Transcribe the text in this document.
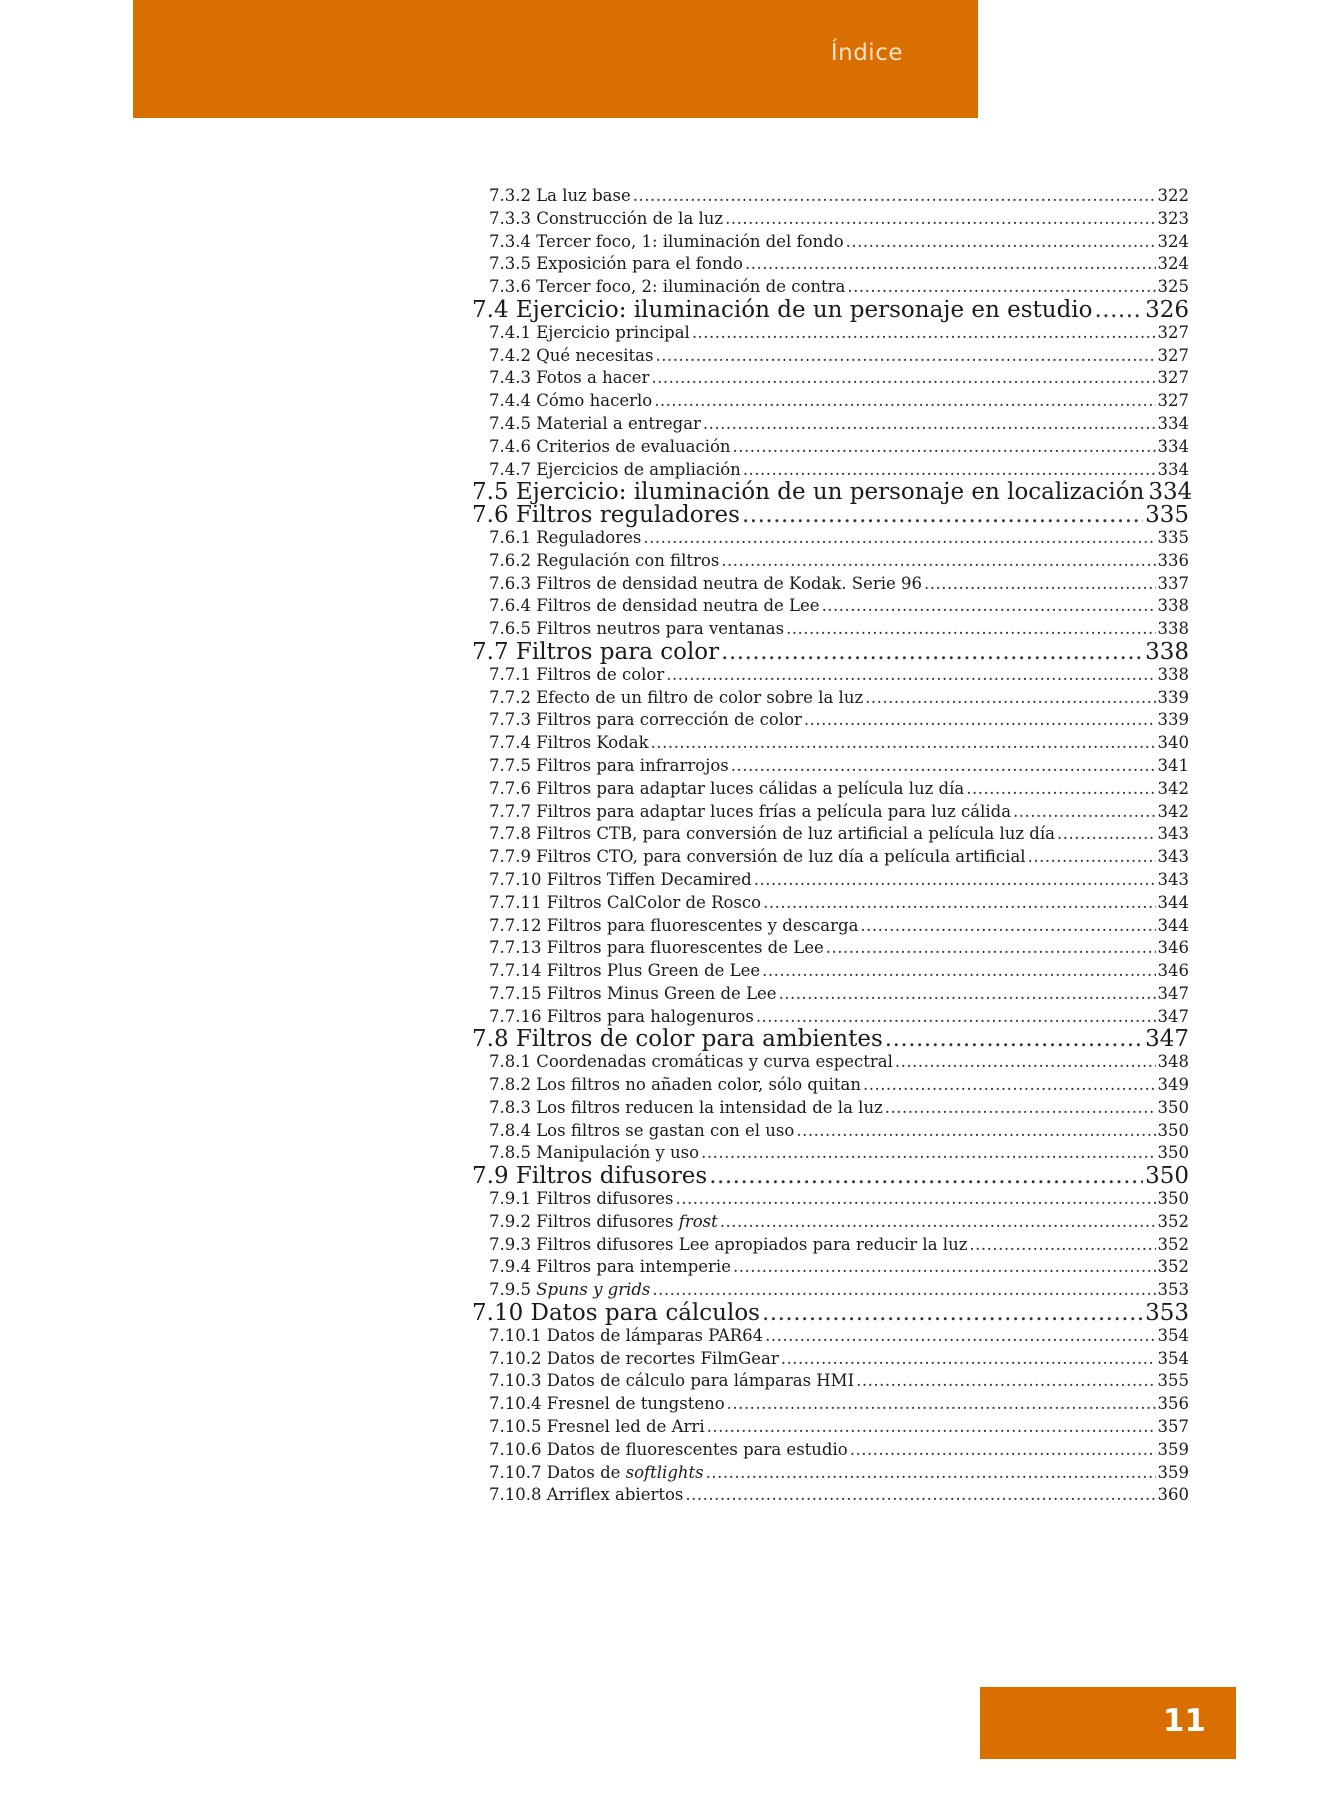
Índice
7.3.2 La luz base .....	322
7.3.3 Construcción de la luz .....	323
7.3.4 Tercer foco, 1: iluminación del fondo .....	324
7.3.5 Exposición para el fondo .....	324
7.3.6 Tercer foco, 2: iluminación de contra .....	325
7.4 Ejercicio: iluminación de un personaje en estudio ..... 326
7.4.1 Ejercicio principal .....	327
7.4.2 Qué necesitas .....	327
7.4.3 Fotos a hacer .....	327
7.4.4 Cómo hacerlo .....	327
7.4.5 Material a entregar .....	334
7.4.6 Criterios de evaluación .....	334
7.4.7 Ejercicios de ampliación .....	334
7.5 Ejercicio: iluminación de un personaje en localización 334
7.6 Filtros reguladores .....	335
7.6.1 Reguladores .....	335
7.6.2 Regulación con filtros .....	336
7.6.3 Filtros de densidad neutra de Kodak. Serie 96 .....	337
7.6.4 Filtros de densidad neutra de Lee .....	338
7.6.5 Filtros neutros para ventanas .....	338
7.7 Filtros para color .....	338
7.7.1 Filtros de color .....	338
7.7.2 Efecto de un filtro de color sobre la luz .....	339
7.7.3 Filtros para corrección de color .....	339
7.7.4 Filtros Kodak .....	340
7.7.5 Filtros para infrarrojos .....	341
7.7.6 Filtros para adaptar luces cálidas a película luz día .....	342
7.7.7 Filtros para adaptar luces frías a película para luz cálida .....	342
7.7.8 Filtros CTB, para conversión de luz artificial a película luz día .....	343
7.7.9 Filtros CTO, para conversión de luz día a película artificial .....	343
7.7.10 Filtros Tiffen Decamired .....	343
7.7.11 Filtros CalColor de Rosco .....	344
7.7.12 Filtros para fluorescentes y descarga .....	344
7.7.13 Filtros para fluorescentes de Lee .....	346
7.7.14 Filtros Plus Green de Lee .....	346
7.7.15 Filtros Minus Green de Lee .....	347
7.7.16 Filtros para halogenuros .....	347
7.8 Filtros de color para ambientes .....	347
7.8.1 Coordenadas cromáticas y curva espectral .....	348
7.8.2 Los filtros no añaden color, sólo quitan .....	349
7.8.3 Los filtros reducen la intensidad de la luz .....	350
7.8.4 Los filtros se gastan con el uso .....	350
7.8.5 Manipulación y uso .....	350
7.9 Filtros difusores .....	350
7.9.1 Filtros difusores .....	350
7.9.2 Filtros difusores frost .....	352
7.9.3 Filtros difusores Lee apropiados para reducir la luz .....	352
7.9.4 Filtros para intemperie .....	352
7.9.5 Spuns y grids .....	353
7.10 Datos para cálculos .....	353
7.10.1 Datos de lámparas PAR64 .....	354
7.10.2 Datos de recortes FilmGear .....	354
7.10.3 Datos de cálculo para lámparas HMI .....	355
7.10.4 Fresnel de tungsteno .....	356
7.10.5 Fresnel led de Arri .....	357
7.10.6 Datos de fluorescentes para estudio .....	359
7.10.7 Datos de softlights .....	359
7.10.8 Arriflex abiertos .....	360
11
